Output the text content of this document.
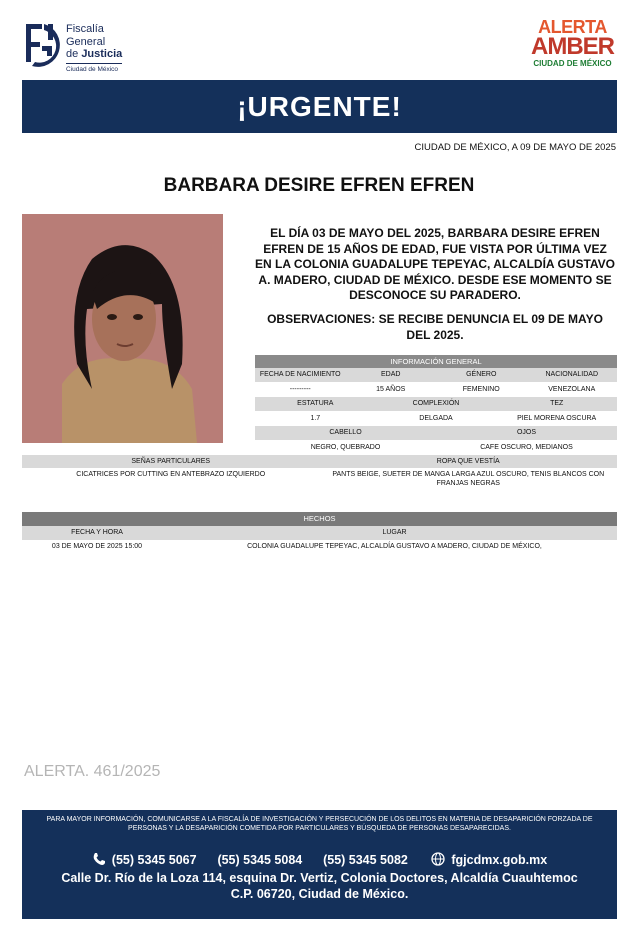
Fiscalía
General
de Justicia
Ciudad de México
ALERTA
AMBER
CIUDAD DE MÉXICO
¡URGENTE!
CIUDAD DE MÉXICO, A 09 DE MAYO DE 2025
BARBARA DESIRE EFREN EFREN
EL DÍA 03 DE MAYO DEL 2025, BARBARA DESIRE EFREN EFREN DE 15 AÑOS DE EDAD, FUE VISTA POR ÚLTIMA VEZ EN LA COLONIA GUADALUPE TEPEYAC, ALCALDÍA GUSTAVO A. MADERO, CIUDAD DE MÉXICO. DESDE ESE MOMENTO SE DESCONOCE SU PARADERO.
OBSERVACIONES: SE RECIBE DENUNCIA EL 09 DE MAYO DEL 2025.
INFORMACIÓN GENERAL
FECHA DE NACIMIENTO	EDAD	GÉNERO	NACIONALIDAD
---------	15 AÑOS	FEMENINO	VENEZOLANA
ESTATURA	COMPLEXIÓN	TEZ
1.7	DELGADA	PIEL MORENA OSCURA
CABELLO	OJOS
NEGRO, QUEBRADO	CAFE OSCURO, MEDIANOS
SEÑAS PARTICULARES	ROPA QUE VESTÍA
CICATRICES POR CUTTING EN ANTEBRAZO IZQUIERDO	PANTS BEIGE, SUETER DE MANGA LARGA AZUL OSCURO, TENIS BLANCOS CON FRANJAS NEGRAS
HECHOS
FECHA Y HORA	LUGAR
03 DE MAYO DE 2025 15:00	COLONIA GUADALUPE TEPEYAC, ALCALDÍA GUSTAVO A MADERO, CIUDAD DE MÉXICO,
ALERTA. 461/2025
PARA MAYOR INFORMACIÓN, COMUNICARSE A LA FISCALÍA DE INVESTIGACIÓN Y PERSECUCIÓN DE LOS DELITOS EN MATERIA DE DESAPARICIÓN FORZADA DE PERSONAS Y LA DESAPARICIÓN COMETIDA POR PARTICULARES Y BÚSQUEDA DE PERSONAS DESAPARECIDAS.
(55) 5345 5067 (55) 5345 5084 (55) 5345 5082	fgjcdmx.gob.mx
Calle Dr. Río de la Loza 114, esquina Dr. Vertiz, Colonia Doctores, Alcaldía Cuauhtemoc
C.P. 06720, Ciudad de México.
